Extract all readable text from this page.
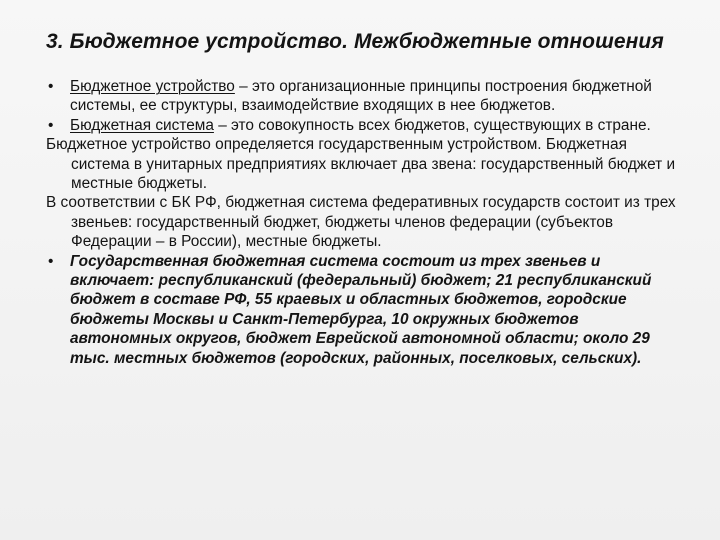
3. Бюджетное устройство. Межбюджетные отношения
• Бюджетное устройство – это организационные принципы построения бюджетной системы, ее структуры, взаимодействие входящих в нее бюджетов.
• Бюджетная система – это совокупность всех бюджетов, существующих в стране.
Бюджетное устройство определяется государственным устройством. Бюджетная система в унитарных предприятиях включает два звена: государственный бюджет и местные бюджеты.
В соответствии с БК РФ, бюджетная система федеративных государств состоит из трех звеньев: государственный бюджет, бюджеты членов федерации (субъектов Федерации – в России), местные бюджеты.
• Государственная бюджетная система состоит из трех звеньев и включает: республиканский (федеральный) бюджет; 21 республиканский бюджет в составе РФ, 55 краевых и областных бюджетов, городские бюджеты Москвы и Санкт-Петербурга, 10 окружных бюджетов автономных округов, бюджет Еврейской автономной области; около 29 тыс. местных бюджетов (городских, районных, поселковых, сельских).
